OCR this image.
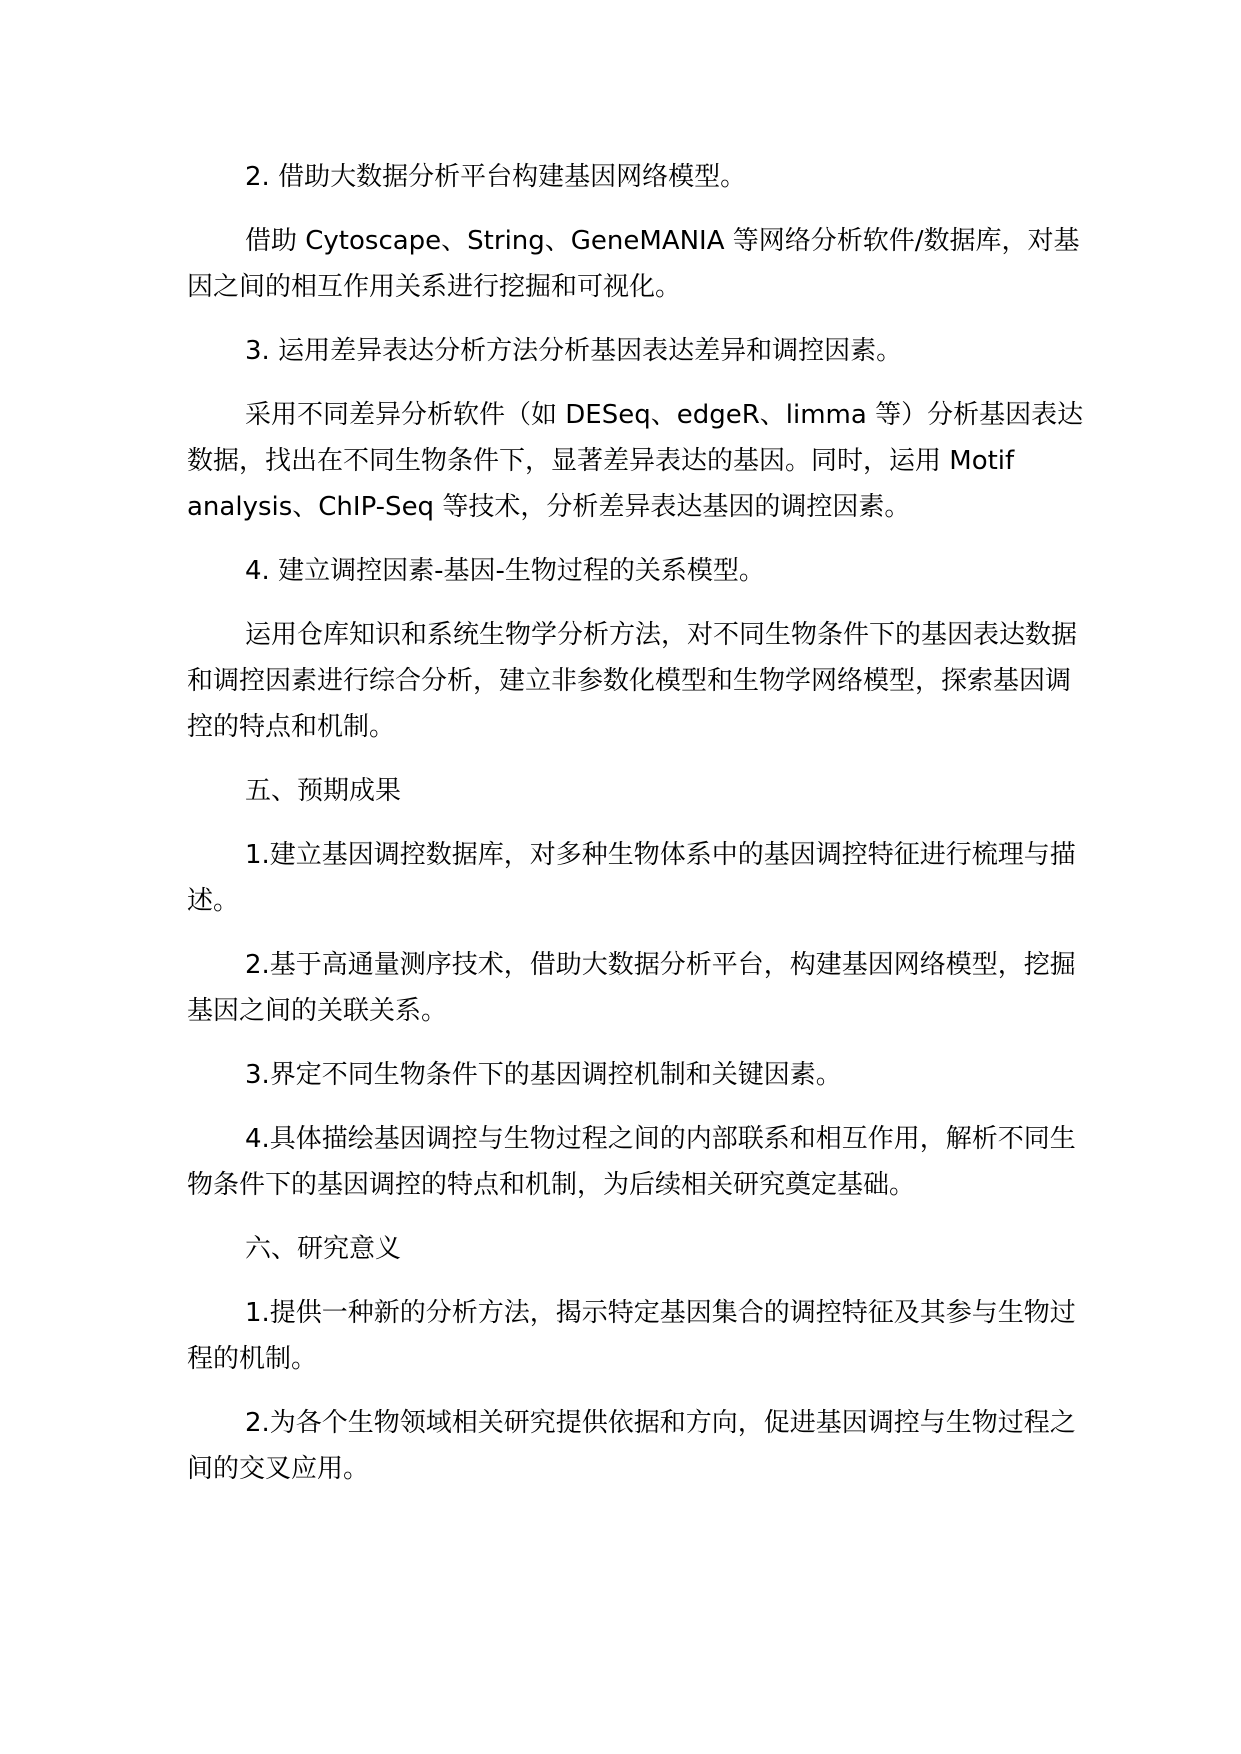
2. 借助大数据分析平台构建基因网络模型。

借助 Cytoscape、String、GeneMANIA 等网络分析软件/数据库，对基因之间的相互作用关系进行挖掘和可视化。

3. 运用差异表达分析方法分析基因表达差异和调控因素。

采用不同差异分析软件（如 DESeq、edgeR、limma 等）分析基因表达数据，找出在不同生物条件下，显著差异表达的基因。同时，运用 Motif analysis、ChIP-Seq 等技术，分析差异表达基因的调控因素。

4. 建立调控因素-基因-生物过程的关系模型。

运用仓库知识和系统生物学分析方法，对不同生物条件下的基因表达数据和调控因素进行综合分析，建立非参数化模型和生物学网络模型，探索基因调控的特点和机制。

五、预期成果

1.建立基因调控数据库，对多种生物体系中的基因调控特征进行梳理与描述。

2.基于高通量测序技术，借助大数据分析平台，构建基因网络模型，挖掘基因之间的关联关系。

3.界定不同生物条件下的基因调控机制和关键因素。

4.具体描绘基因调控与生物过程之间的内部联系和相互作用，解析不同生物条件下的基因调控的特点和机制，为后续相关研究奠定基础。

六、研究意义

1.提供一种新的分析方法，揭示特定基因集合的调控特征及其参与生物过程的机制。

2.为各个生物领域相关研究提供依据和方向，促进基因调控与生物过程之间的交叉应用。
